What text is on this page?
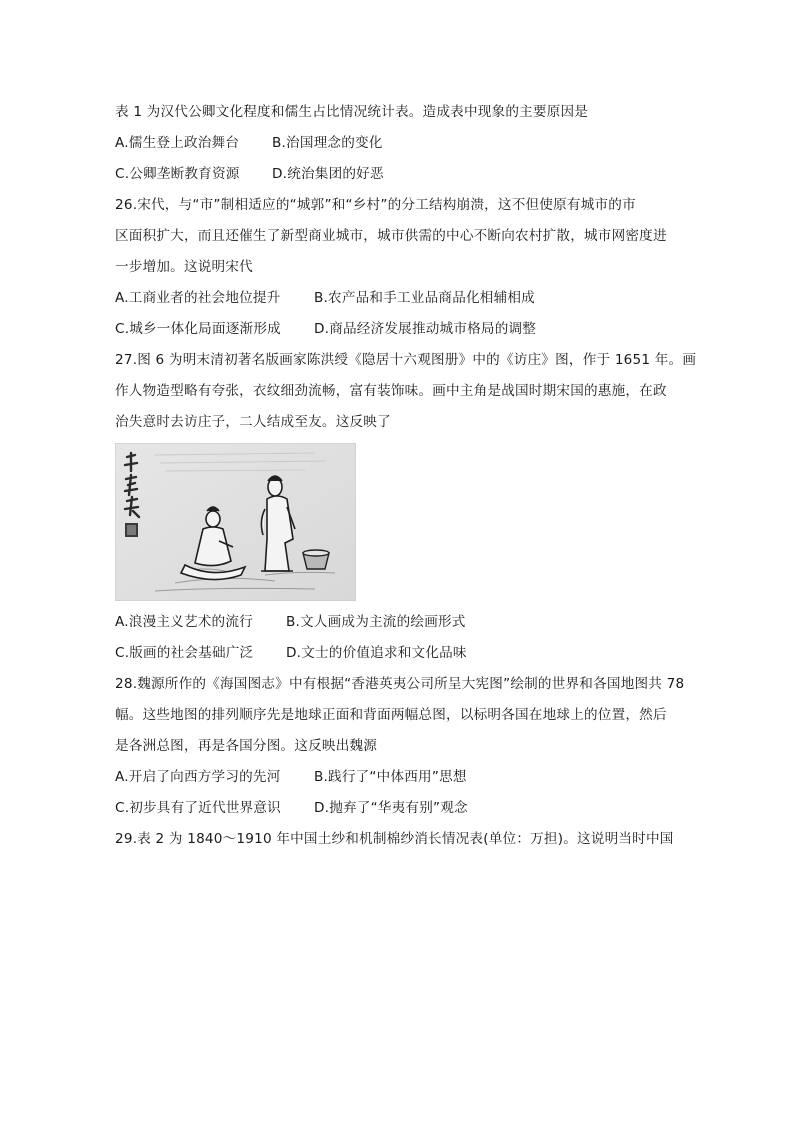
表 1 为汉代公卿文化程度和儒生占比情况统计表。造成表中现象的主要原因是
A.儒生登上政治舞台 B.治国理念的变化
C.公卿垄断教育资源 D.统治集团的好恶
26.宋代，与“市”制相适应的“城郭”和“乡村”的分工结构崩溃，这不但使原有城市的市
区面积扩大，而且还催生了新型商业城市，城市供需的中心不断向农村扩散，城市网密度进
一步增加。这说明宋代
A.工商业者的社会地位提升 B.农产品和手工业品商品化相辅相成
C.城乡一体化局面逐渐形成 D.商品经济发展推动城市格局的调整
27.图 6 为明末清初著名版画家陈洪绶《隐居十六观图册》中的《访庄》图，作于 1651 年。画
作人物造型略有夸张，衣纹细劲流畅，富有装饰味。画中主角是战国时期宋国的惠施，在政
治失意时去访庄子，二人结成至友。这反映了
A.浪漫主义艺术的流行 B.文人画成为主流的绘画形式
C.版画的社会基础广泛 D.文士的价值追求和文化品味
28.魏源所作的《海国图志》中有根据“香港英夷公司所呈大宪图”绘制的世界和各国地图共 78
幅。这些地图的排列顺序先是地球正面和背面两幅总图，以标明各国在地球上的位置，然后
是各洲总图，再是各国分图。这反映出魏源
A.开启了向西方学习的先河 B.践行了“中体西用”思想
C.初步具有了近代世界意识 D.抛弃了“华夷有别”观念
29.表 2 为 1840～1910 年中国土纱和机制棉纱消长情况表(单位：万担)。这说明当时中国
